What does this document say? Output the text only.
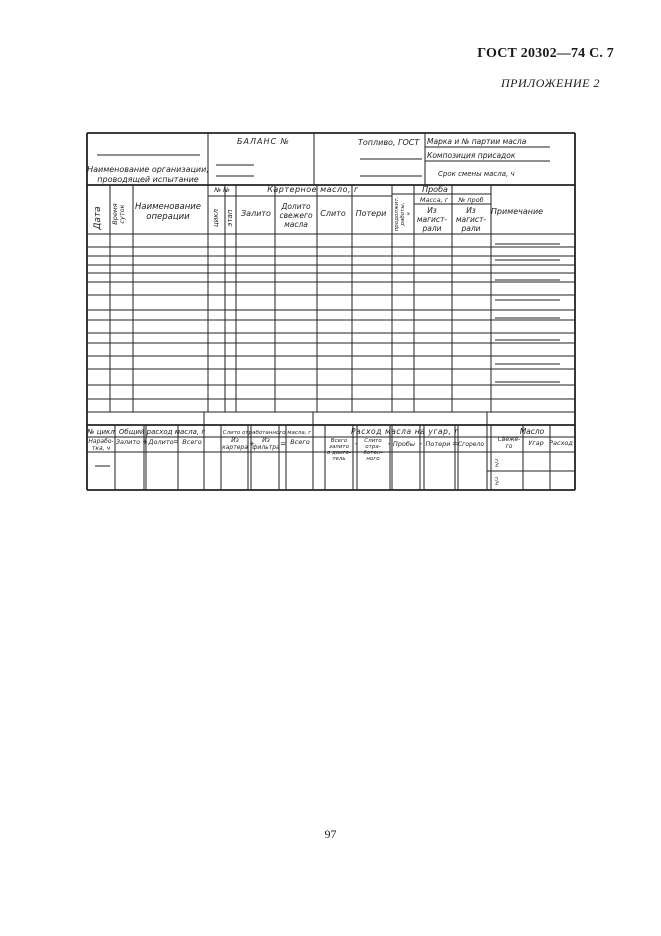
ГОСТ 20302—74 С. 7
ПРИЛОЖЕНИЕ 2
Наименование организации,
проводящей испытание
БАЛАНС №	Топливо, ГОСТ Марка и № партии масла
Композиция присадок
Срок смены масла, ч
Дата Время суток Наименование
операции
№ №
цикл этап
Картерное масло, г
Залито
Долито
свежего
масла
Слито Потери
Проба
продолжит. работы, ч
Масса, г № проб
Из
магист-
рали
Из
магист-
рали
Примечание
№ цикл Общий расход масла, г
Нарабо-
тка, ч
Залито + Долито = Всего
Слито отработанного масла, г
Из
картера + Из
фильтра = Всего
Расход масла на угар, г
Всего
залито
в двига-
тель
- Слито
отра-
ботан-
ного
- Пробы - Потери = Сгорело
Масло
Свеже-
го Угар Расход
г/ч
г/ч
97
